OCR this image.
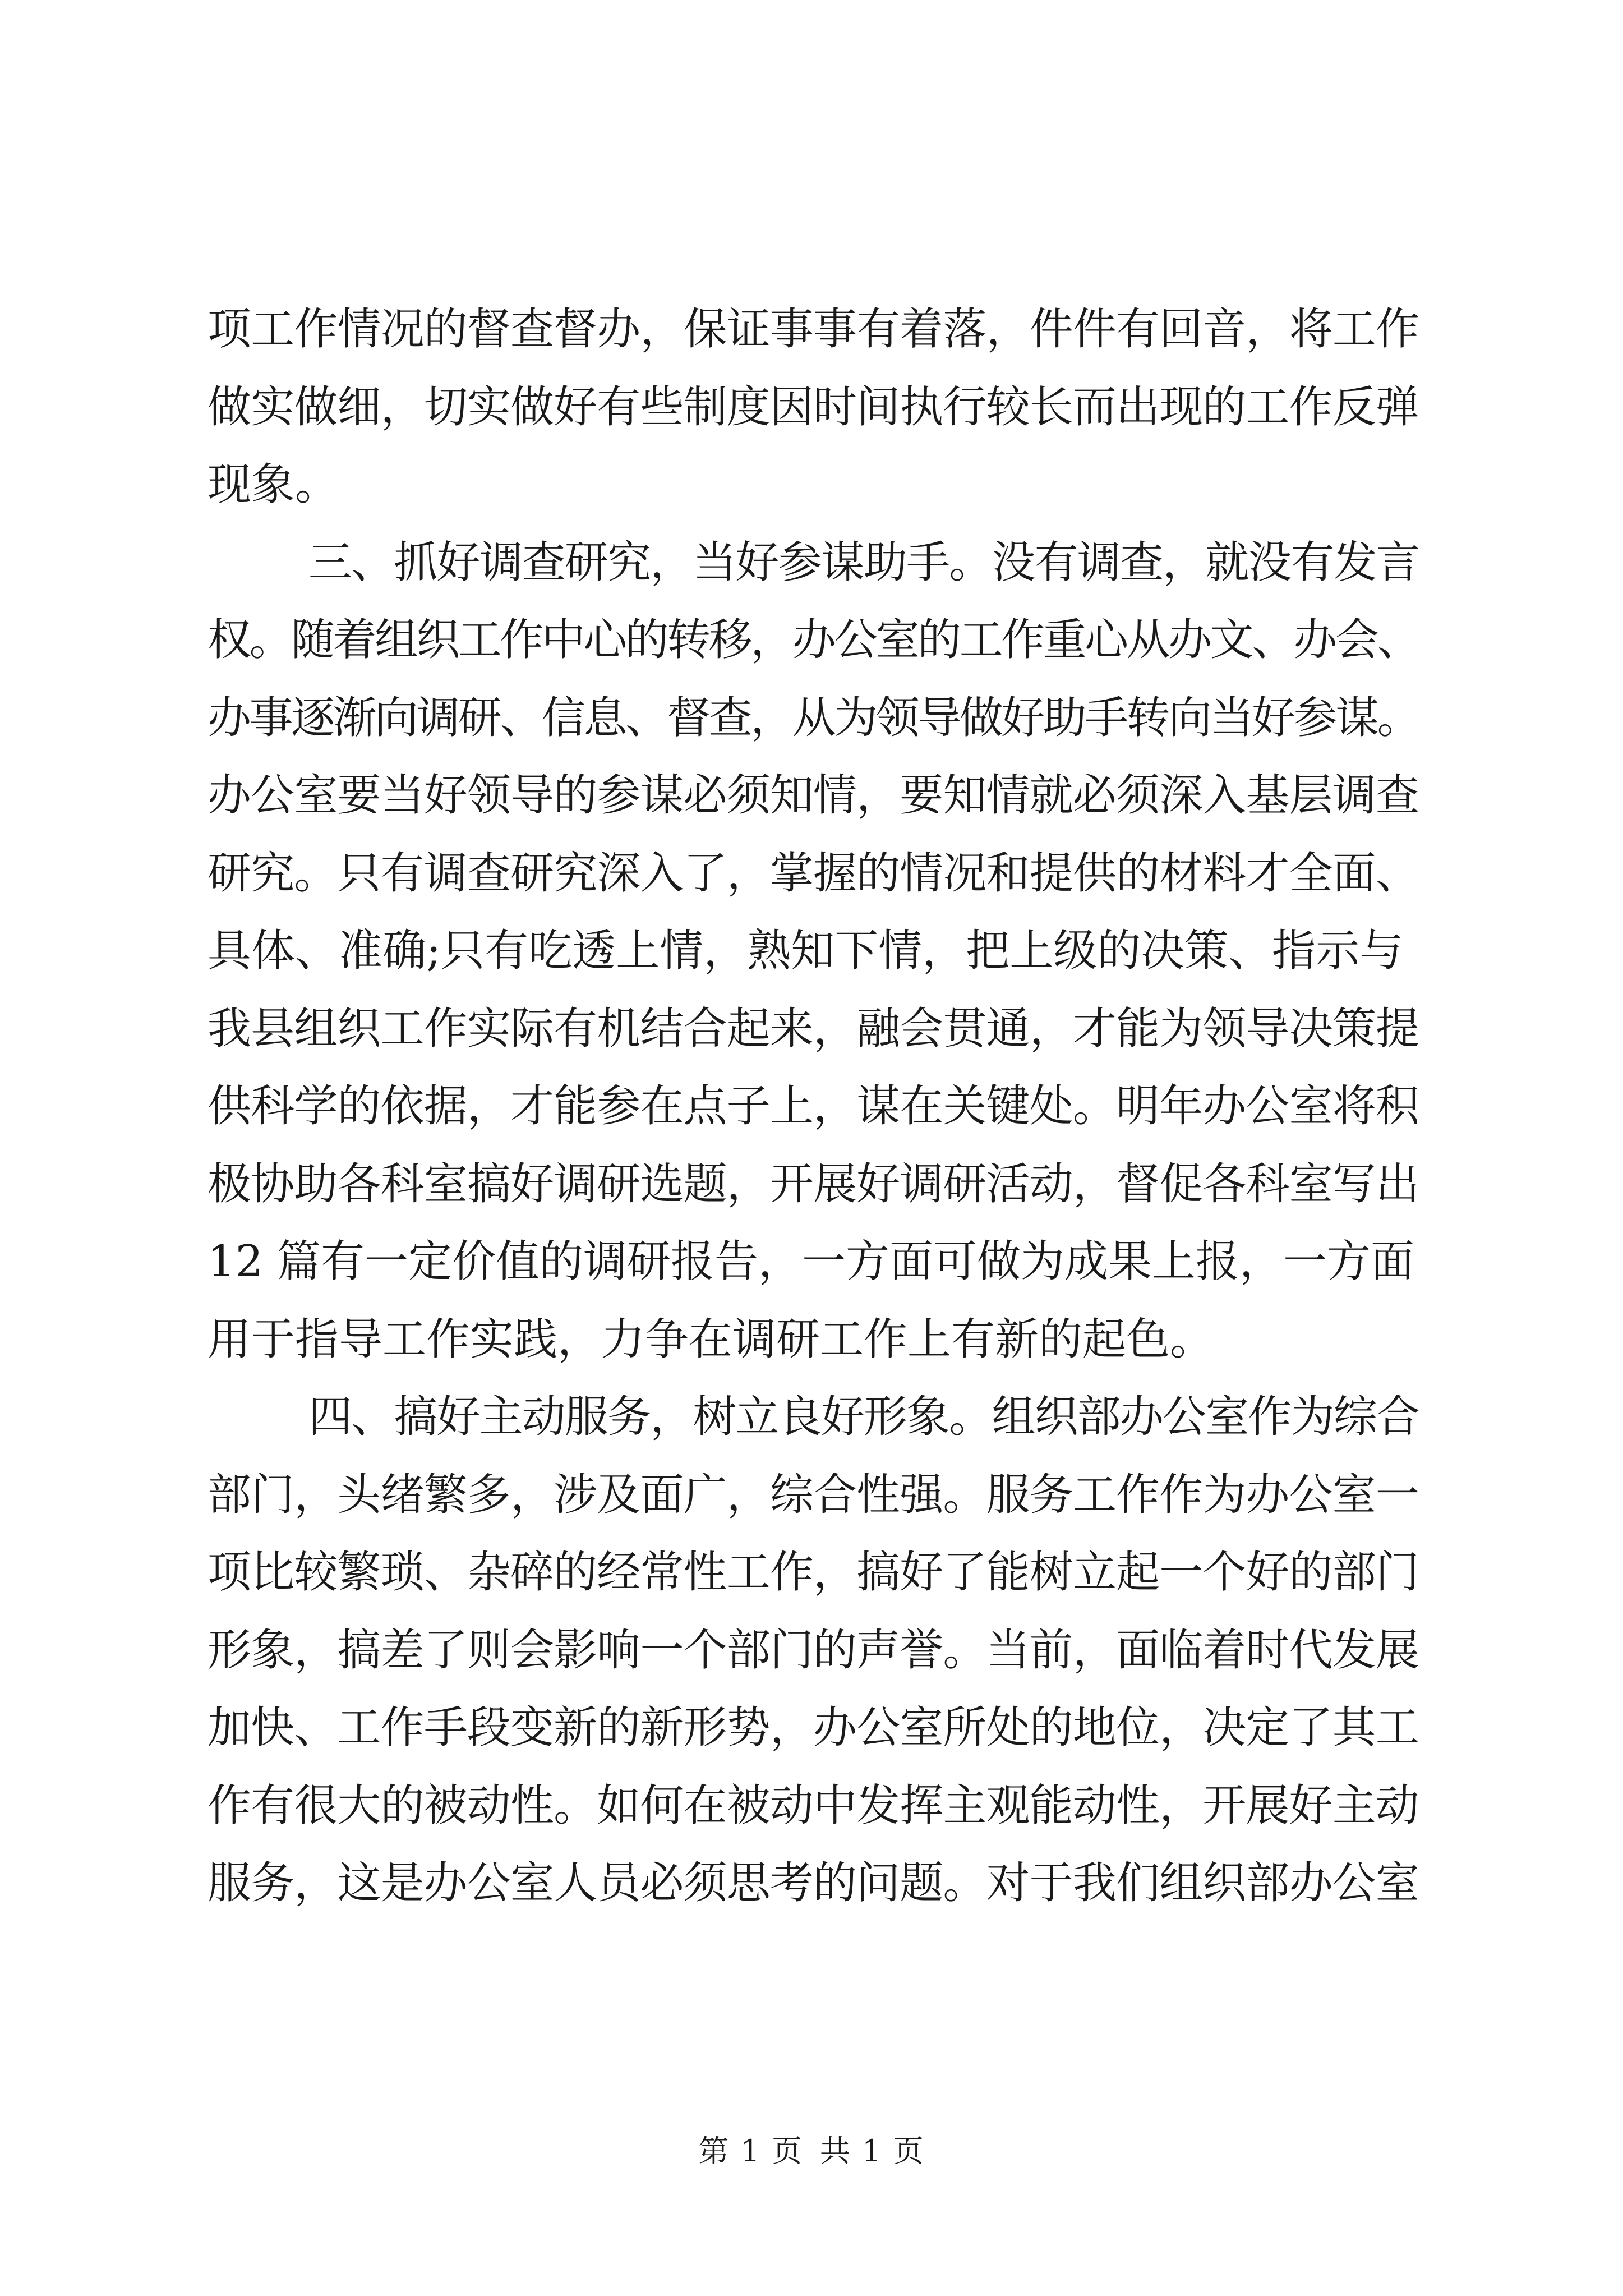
项工作情况的督查督办，保证事事有着落，件件有回音，将工作
做实做细，切实做好有些制度因时间执行较长而出现的工作反弹
现象。
三、抓好调查研究，当好参谋助手。没有调查，就没有发言
权。随着组织工作中心的转移，办公室的工作重心从办文、办会、
办事逐渐向调研、信息、督查，从为领导做好助手转向当好参谋。
办公室要当好领导的参谋必须知情，要知情就必须深入基层调查
研究。只有调查研究深入了，掌握的情况和提供的材料才全面、
具体、准确;只有吃透上情，熟知下情，把上级的决策、指示与
我县组织工作实际有机结合起来，融会贯通，才能为领导决策提
供科学的依据，才能参在点子上，谋在关键处。明年办公室将积
极协助各科室搞好调研选题，开展好调研活动，督促各科室写出
12 篇有一定价值的调研报告，一方面可做为成果上报，一方面
用于指导工作实践，力争在调研工作上有新的起色。
四、搞好主动服务，树立良好形象。组织部办公室作为综合
部门，头绪繁多，涉及面广，综合性强。服务工作作为办公室一
项比较繁琐、杂碎的经常性工作，搞好了能树立起一个好的部门
形象，搞差了则会影响一个部门的声誉。当前，面临着时代发展
加快、工作手段变新的新形势，办公室所处的地位，决定了其工
作有很大的被动性。如何在被动中发挥主观能动性，开展好主动
服务，这是办公室人员必须思考的问题。对于我们组织部办公室
第 1 页 共 1 页
